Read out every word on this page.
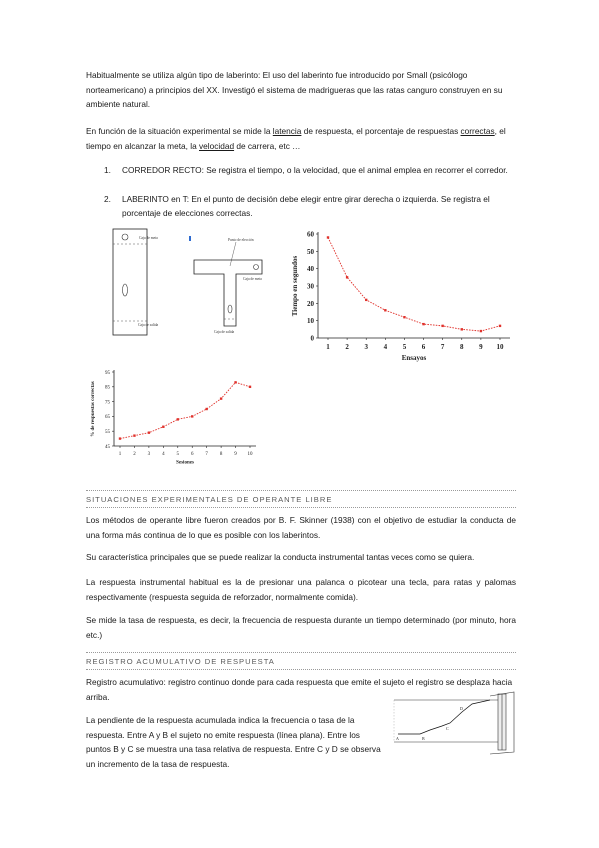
Habitualmente se utiliza algún tipo de laberinto: El uso del laberinto fue introducido por Small (psicólogo norteamericano) a principios del XX. Investigó el sistema de madrigueras que las ratas canguro construyen en su ambiente natural.

En función de la situación experimental se mide la latencia de respuesta, el porcentaje de respuestas correctas, el tiempo en alcanzar la meta, la velocidad de carrera, etc …

1. CORREDOR RECTO: Se registra el tiempo, o la velocidad, que el animal emplea en recorrer el corredor.
2. LABERINTO en T: En el punto de decisión debe elegir entre girar derecha o izquierda. Se registra el porcentaje de elecciones correctas.
Caja de meta
Caja de salida
Punto de elección
Caja de meta
Caja de salida
0
10
20
30
40
50
60
1 2 3 4 5 6 7 8 9 10
Ensayos
Tiempo en segundos
45
55
65
75
85
95
1 2 3 4 5 6 7 8 9 10
Sesiones
% de respuestas correctas
SITUACIONES EXPERIMENTALES DE OPERANTE LIBRE

Los métodos de operante libre fueron creados por B. F. Skinner (1938) con el objetivo de estudiar la conducta de una forma más continua de lo que es posible con los laberintos.

Su característica principales que se puede realizar la conducta instrumental tantas veces como se quiera.

La respuesta instrumental habitual es la de presionar una palanca o picotear una tecla, para ratas y palomas respectivamente (respuesta seguida de reforzador, normalmente comida).

Se mide la tasa de respuesta, es decir, la frecuencia de respuesta durante un tiempo determinado (por minuto, hora etc.)

REGISTRO ACUMULATIVO DE RESPUESTA

Registro acumulativo: registro continuo donde para cada respuesta que emite el sujeto el registro se desplaza hacia arriba.

La pendiente de la respuesta acumulada indica la frecuencia o tasa de la respuesta. Entre A y B el sujeto no emite respuesta (línea plana). Entre los puntos B y C se muestra una tasa relativa de respuesta. Entre C y D se observa un incremento de la tasa de respuesta.

A	B
C
D
